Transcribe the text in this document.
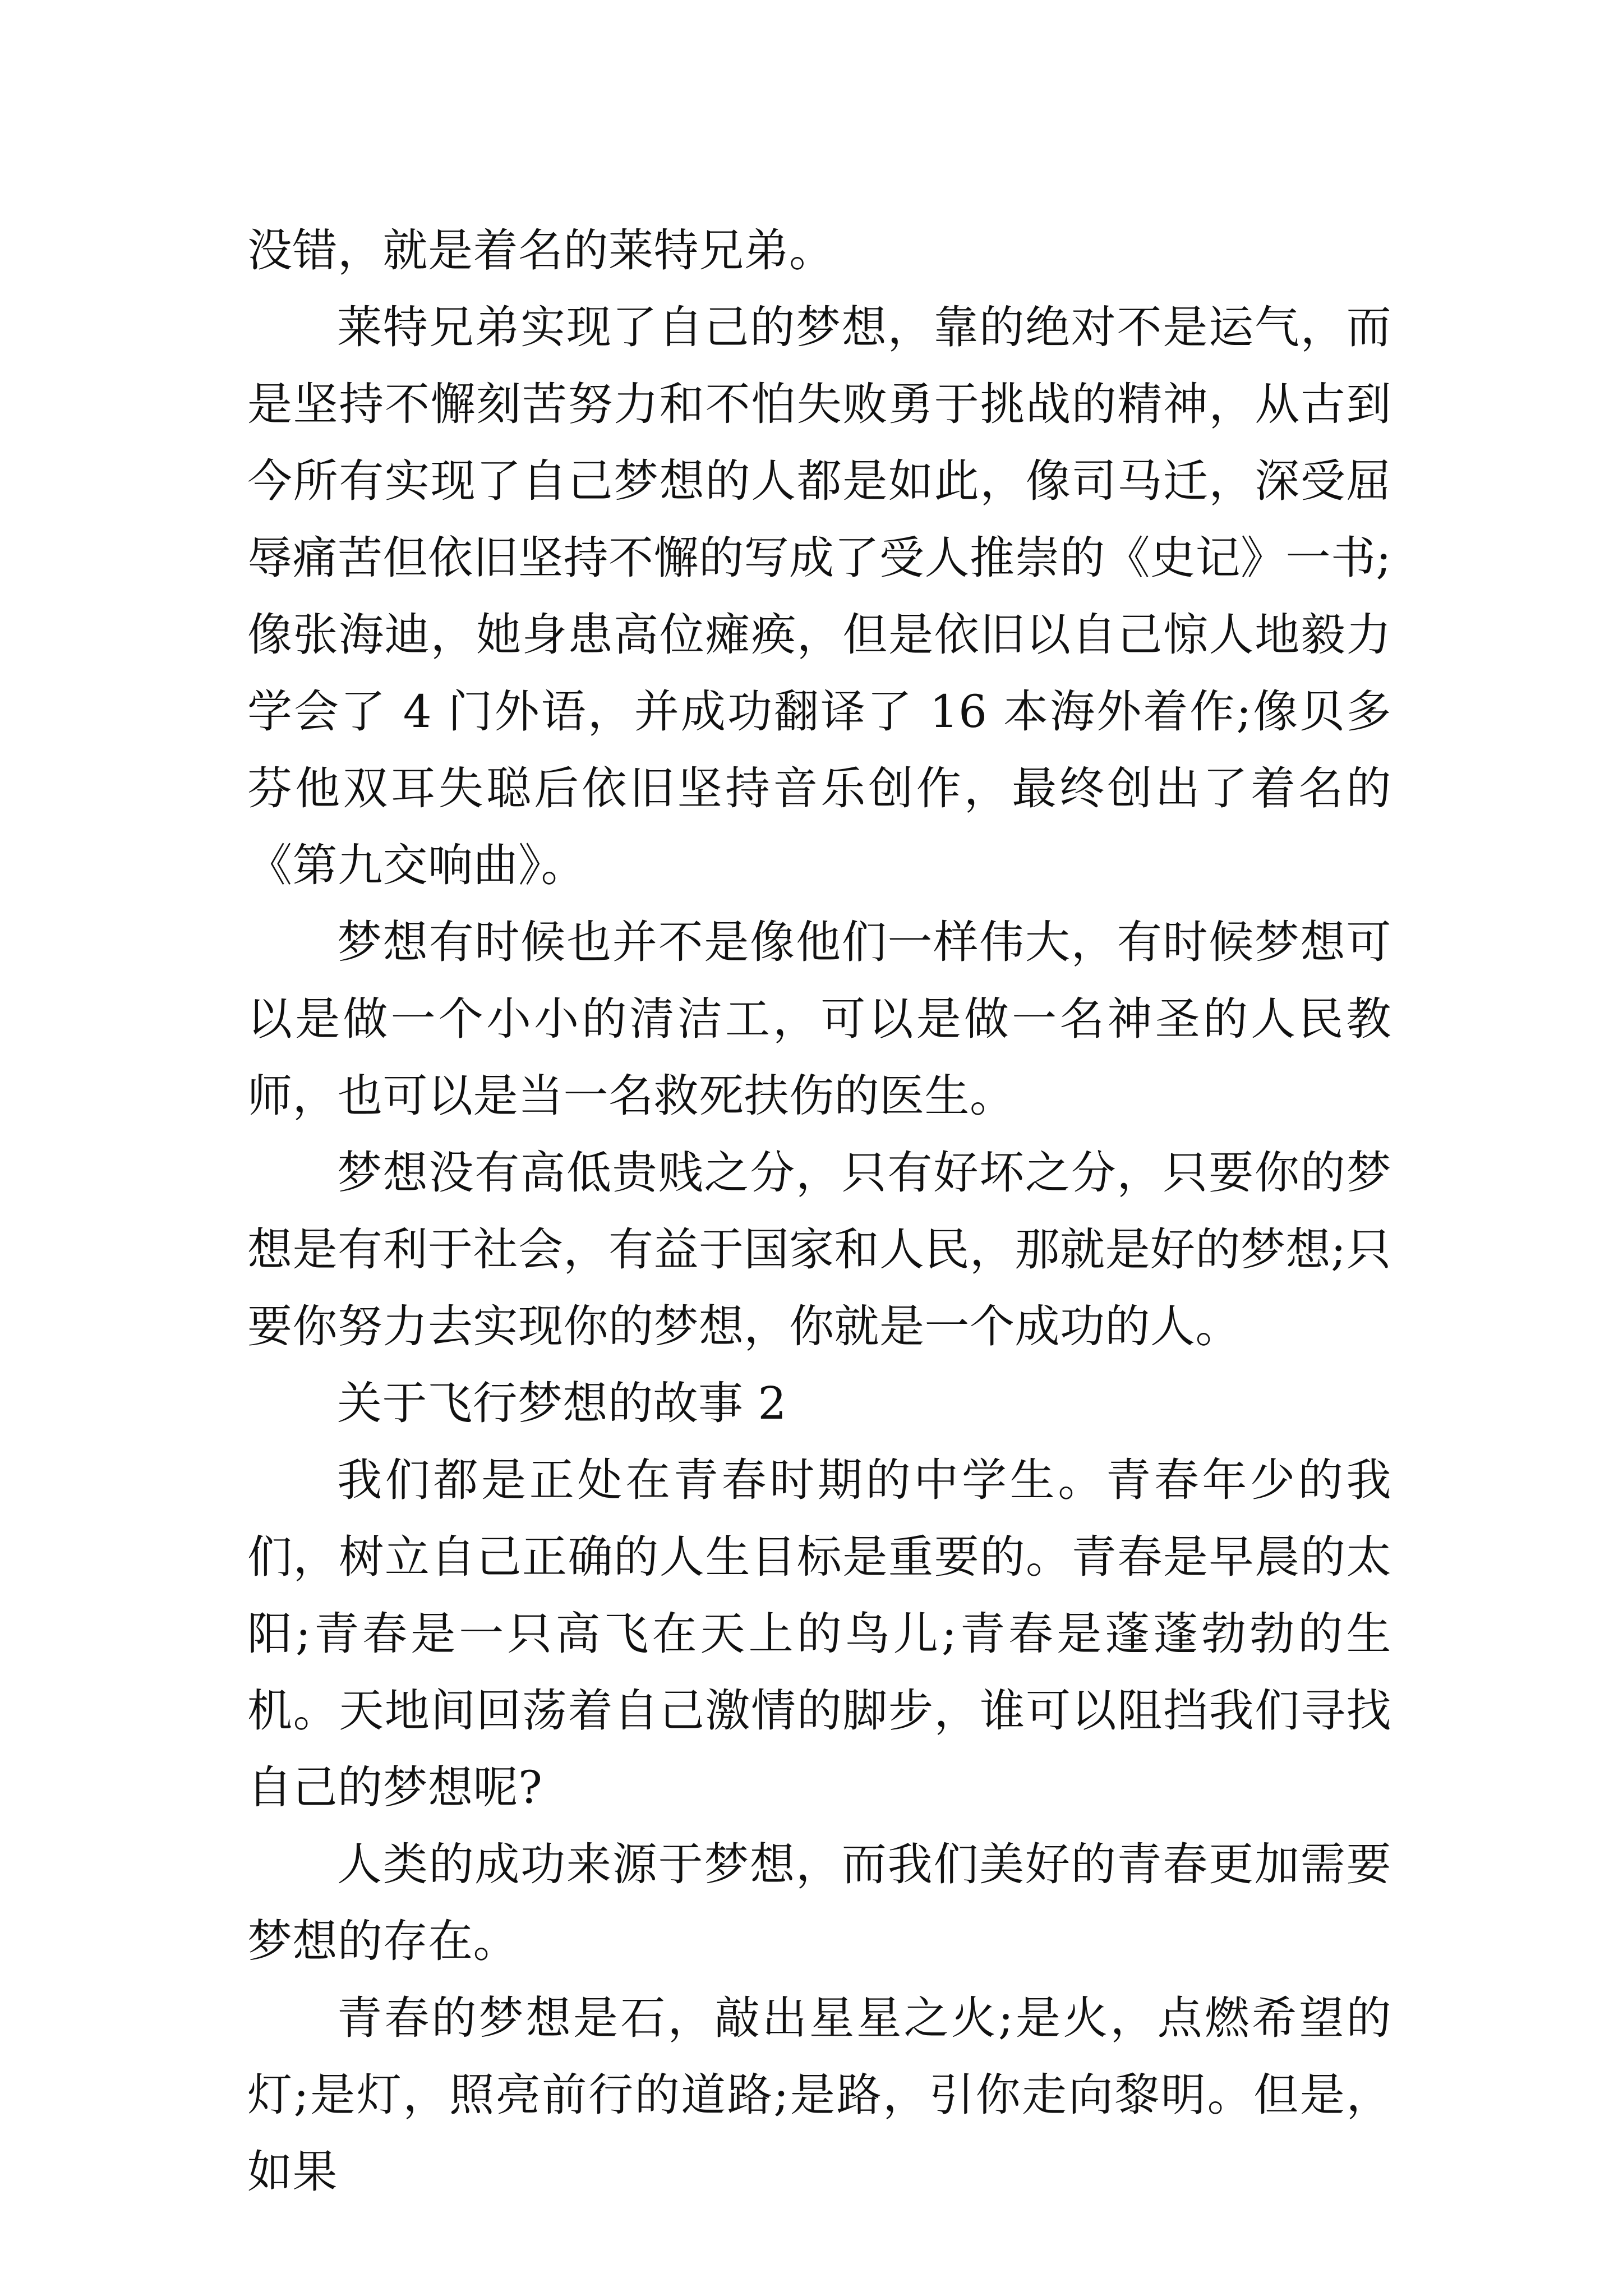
没错，就是着名的莱特兄弟。

莱特兄弟实现了自己的梦想，靠的绝对不是运气，而是坚持不懈刻苦努力和不怕失败勇于挑战的精神，从古到今所有实现了自己梦想的人都是如此，像司马迁，深受屈辱痛苦但依旧坚持不懈的写成了受人推崇的《史记》一书;像张海迪，她身患高位瘫痪，但是依旧以自己惊人地毅力学会了 4 门外语，并成功翻译了 16 本海外着作;像贝多芬他双耳失聪后依旧坚持音乐创作，最终创出了着名的《第九交响曲》。

梦想有时候也并不是像他们一样伟大，有时候梦想可以是做一个小小的清洁工，可以是做一名神圣的人民教师，也可以是当一名救死扶伤的医生。

梦想没有高低贵贱之分，只有好坏之分，只要你的梦想是有利于社会，有益于国家和人民，那就是好的梦想;只要你努力去实现你的梦想，你就是一个成功的人。

关于飞行梦想的故事 2

我们都是正处在青春时期的中学生。青春年少的我们，树立自己正确的人生目标是重要的。青春是早晨的太阳;青春是一只高飞在天上的鸟儿;青春是蓬蓬勃勃的生机。天地间回荡着自己激情的脚步，谁可以阻挡我们寻找自己的梦想呢?

人类的成功来源于梦想，而我们美好的青春更加需要梦想的存在。

青春的梦想是石，敲出星星之火;是火，点燃希望的灯;是灯，照亮前行的道路;是路，引你走向黎明。但是，如果
